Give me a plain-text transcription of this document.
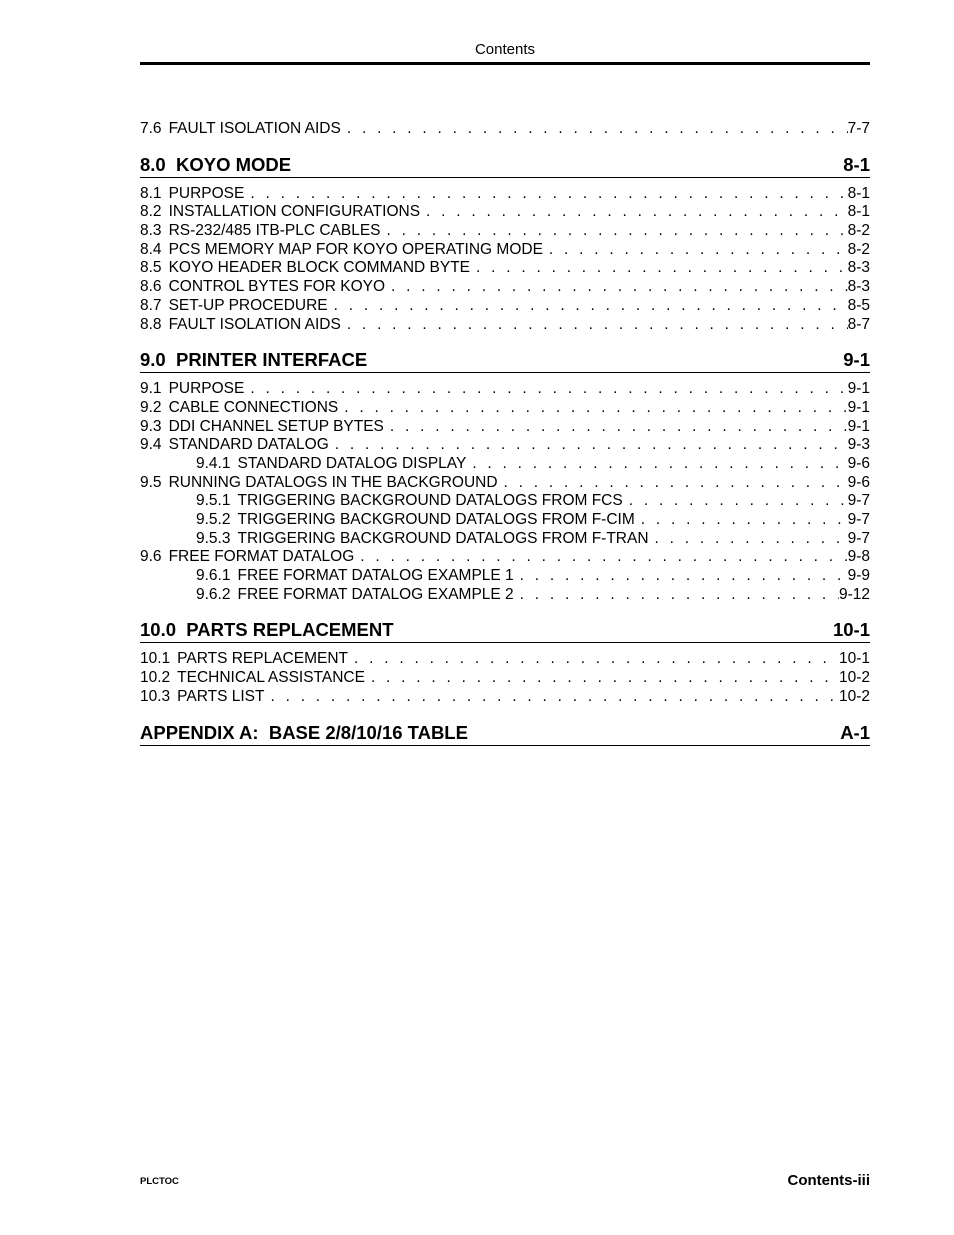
Contents
7.6 FAULT ISOLATION AIDS . . .	7-7
8.0  KOYO MODE	8-1
8.1 PURPOSE . . .	8-1
8.2 INSTALLATION CONFIGURATIONS . . .	8-1
8.3 RS-232/485 ITB-PLC CABLES . . .	8-2
8.4 PCS MEMORY MAP FOR KOYO OPERATING MODE . . .	8-2
8.5 KOYO HEADER BLOCK COMMAND BYTE . . .	8-3
8.6 CONTROL BYTES FOR KOYO . . .	8-3
8.7 SET-UP PROCEDURE . . .	8-5
8.8 FAULT ISOLATION AIDS . . .	8-7
9.0  PRINTER INTERFACE	9-1
9.1 PURPOSE . . .	9-1
9.2 CABLE CONNECTIONS . . .	9-1
9.3 DDI CHANNEL SETUP BYTES . . .	9-1
9.4 STANDARD DATALOG . . .	9-3
9.4.1 STANDARD DATALOG DISPLAY . . .	9-6
9.5 RUNNING DATALOGS IN THE BACKGROUND . . .	9-6
9.5.1 TRIGGERING BACKGROUND DATALOGS FROM FCS . . .	9-7
9.5.2 TRIGGERING BACKGROUND DATALOGS FROM F-CIM . . .	9-7
9.5.3 TRIGGERING BACKGROUND DATALOGS FROM F-TRAN . . .	9-7
9.6 FREE FORMAT DATALOG . . .	9-8
9.6.1 FREE FORMAT DATALOG EXAMPLE 1 . . .	9-9
9.6.2 FREE FORMAT DATALOG EXAMPLE 2 . . .	9-12
10.0  PARTS REPLACEMENT	10-1
10.1 PARTS REPLACEMENT . . .	10-1
10.2 TECHNICAL ASSISTANCE . . .	10-2
10.3 PARTS LIST . . .	10-2
APPENDIX A:  BASE 2/8/10/16 TABLE	A-1
PLCTOC	Contents-iii
